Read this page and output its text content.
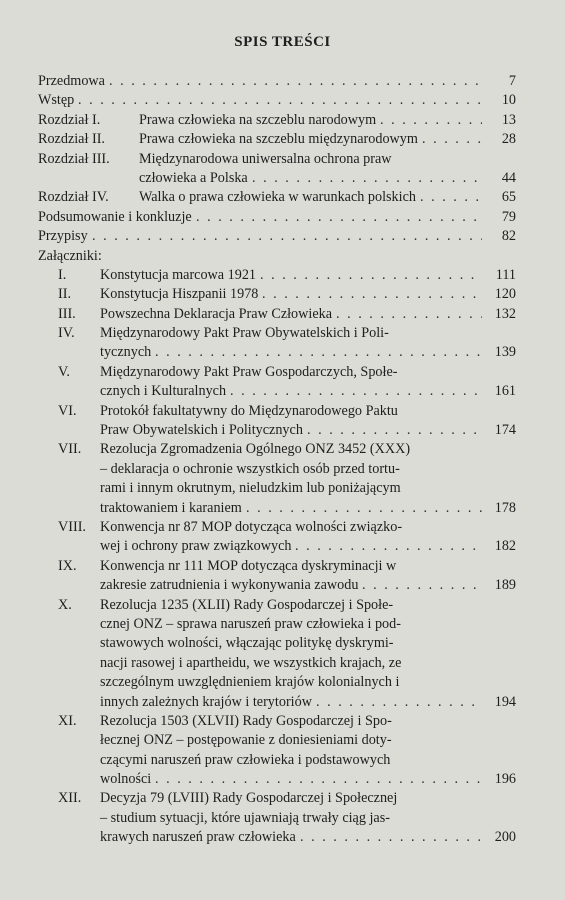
SPIS TREŚCI
Przedmowa	7
. . .
Wstęp	10
. . .
Rozdział I.	Prawa człowieka na szczeblu narodowym	13
. . .
Rozdział II. Prawa człowieka na szczeblu międzynarodowym	28
. . .
Rozdział III. Międzynarodowa uniwersalna ochrona praw
człowieka a Polska	44
. . .
Rozdział IV. Walka o prawa człowieka w warunkach polskich	65
. . .
Podsumowanie i konkluzje	79
. . .
Przypisy	82
. . .
Załączniki:
I. Konstytucja marcowa 1921	111
. . .
II. Konstytucja Hiszpanii 1978	120
. . .
III. Powszechna Deklaracja Praw Człowieka	132
. . .
IV. Międzynarodowy Pakt Praw Obywatelskich i Poli-
tycznych	139
. . .
V. Międzynarodowy Pakt Praw Gospodarczych, Społe-
cznych i Kulturalnych	161
. . .
VI. Protokół fakultatywny do Międzynarodowego Paktu
Praw Obywatelskich i Politycznych	174
. . .
VII. Rezolucja Zgromadzenia Ogólnego ONZ 3452 (XXX)
– deklaracja o ochronie wszystkich osób przed tortu-
rami i innym okrutnym, nieludzkim lub poniżającym
traktowaniem i karaniem	178
. . .
VIII. Konwencja nr 87 MOP dotycząca wolności związko-
wej i ochrony praw związkowych	182
. . .
IX. Konwencja nr 111 MOP dotycząca dyskryminacji w
zakresie zatrudnienia i wykonywania zawodu	189
. . .
X. Rezolucja 1235 (XLII) Rady Gospodarczej i Społe-
cznej ONZ – sprawa naruszeń praw człowieka i pod-
stawowych wolności, włączając politykę dyskrymi-
nacji rasowej i apartheidu, we wszystkich krajach, ze
szczególnym uwzględnieniem krajów kolonialnych i
innych zależnych krajów i terytoriów	194
. . .
XI. Rezolucja 1503 (XLVII) Rady Gospodarczej i Spo-
łecznej ONZ – postępowanie z doniesieniami doty-
czącymi naruszeń praw człowieka i podstawowych
wolności	196
. . .
XII. Decyzja 79 (LVIII) Rady Gospodarczej i Społecznej
– studium sytuacji, które ujawniają trwały ciąg jas-
krawych naruszeń praw człowieka	200
. . .
